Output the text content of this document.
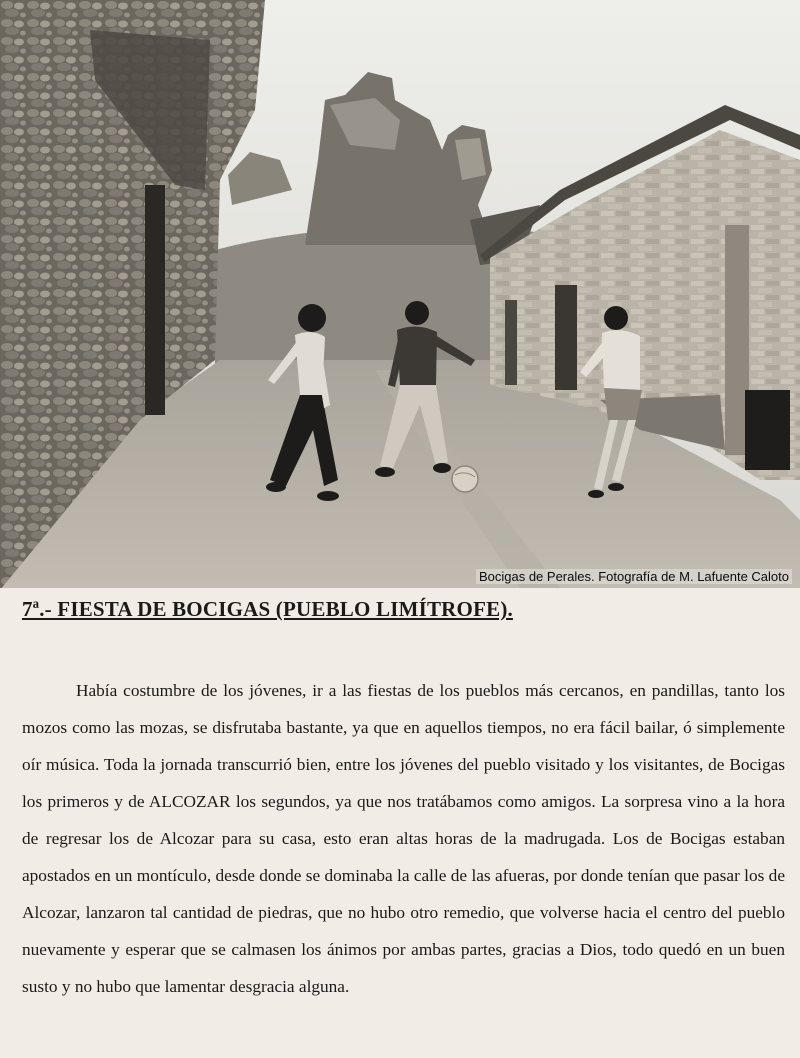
Bocigas de Perales. Fotografía de M. Lafuente Caloto
7ª.- FIESTA DE BOCIGAS (PUEBLO LIMÍTROFE).

Había costumbre de los jóvenes, ir a las fiestas de los pueblos más cercanos, en pandillas, tanto los mozos como las mozas, se disfrutaba bastante, ya que en aquellos tiempos, no era fácil bailar, ó simplemente oír música. Toda la jornada transcurrió bien, entre los jóvenes del pueblo visitado y los visitantes, de Bocigas los primeros y de ALCOZAR los segundos, ya que nos tratábamos como amigos. La sorpresa vino a la hora de regresar los de Alcozar para su casa, esto eran altas horas de la madrugada. Los de Bocigas estaban apostados en un montículo, desde donde se dominaba la calle de las afueras, por donde tenían que pasar los de Alcozar, lanzaron tal cantidad de piedras, que no hubo otro remedio, que volverse hacia el centro del pueblo nuevamente y esperar que se calmasen los ánimos por ambas partes, gracias a Dios, todo quedó en un buen susto y no hubo que lamentar desgracia alguna.
